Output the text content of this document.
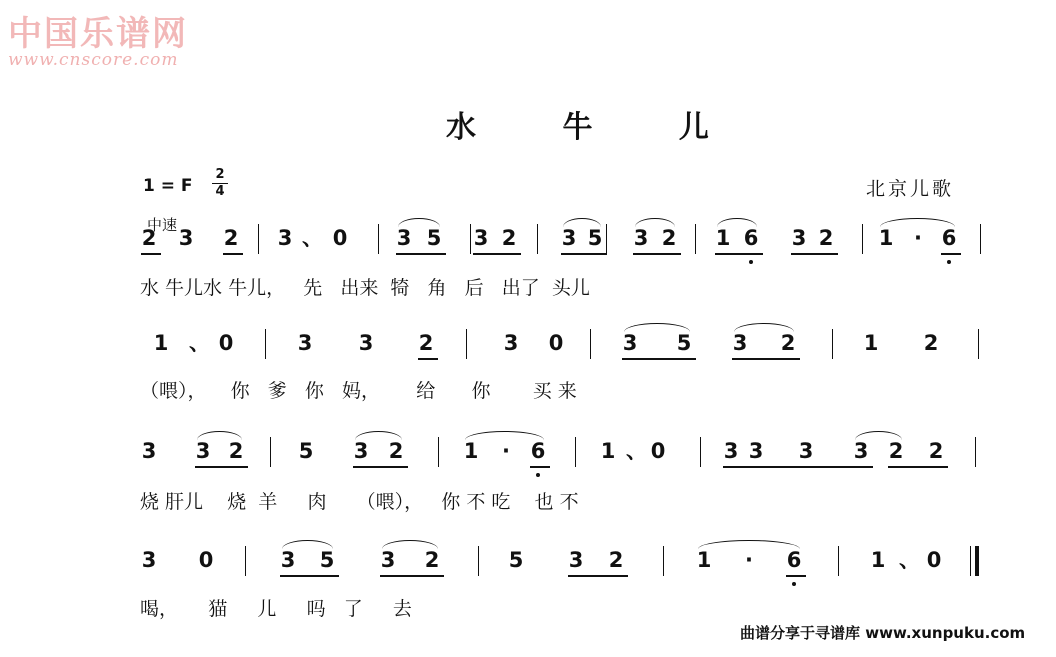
中国乐谱网
www.cnscore.com
水 牛 儿
1 = F
2
4	北京儿歌
中速
2 3 2 3 、 0 3 5 3 2 3 5 3 2 1 6 3 2 1 · 6
水 牛儿水 牛儿，   先   出来  犄   角   后   出了  头儿
1 、 0	3 3 2	3 0	3 5 3 2	1 2
（喂），    你   爹   你   妈，      给      你       买 来
3 3 2	5 3 2	1 · 6	1 、 0	3 3 3 3 2 2
烧 肝儿    烧  羊     肉     （喂），   你 不 吃    也 不
3 0	3 5 3 2	5 3 2	1 · 6	1 、 0
喝，     猫     儿     吗   了     去
曲谱分享于寻谱库 www.xunpuku.com
